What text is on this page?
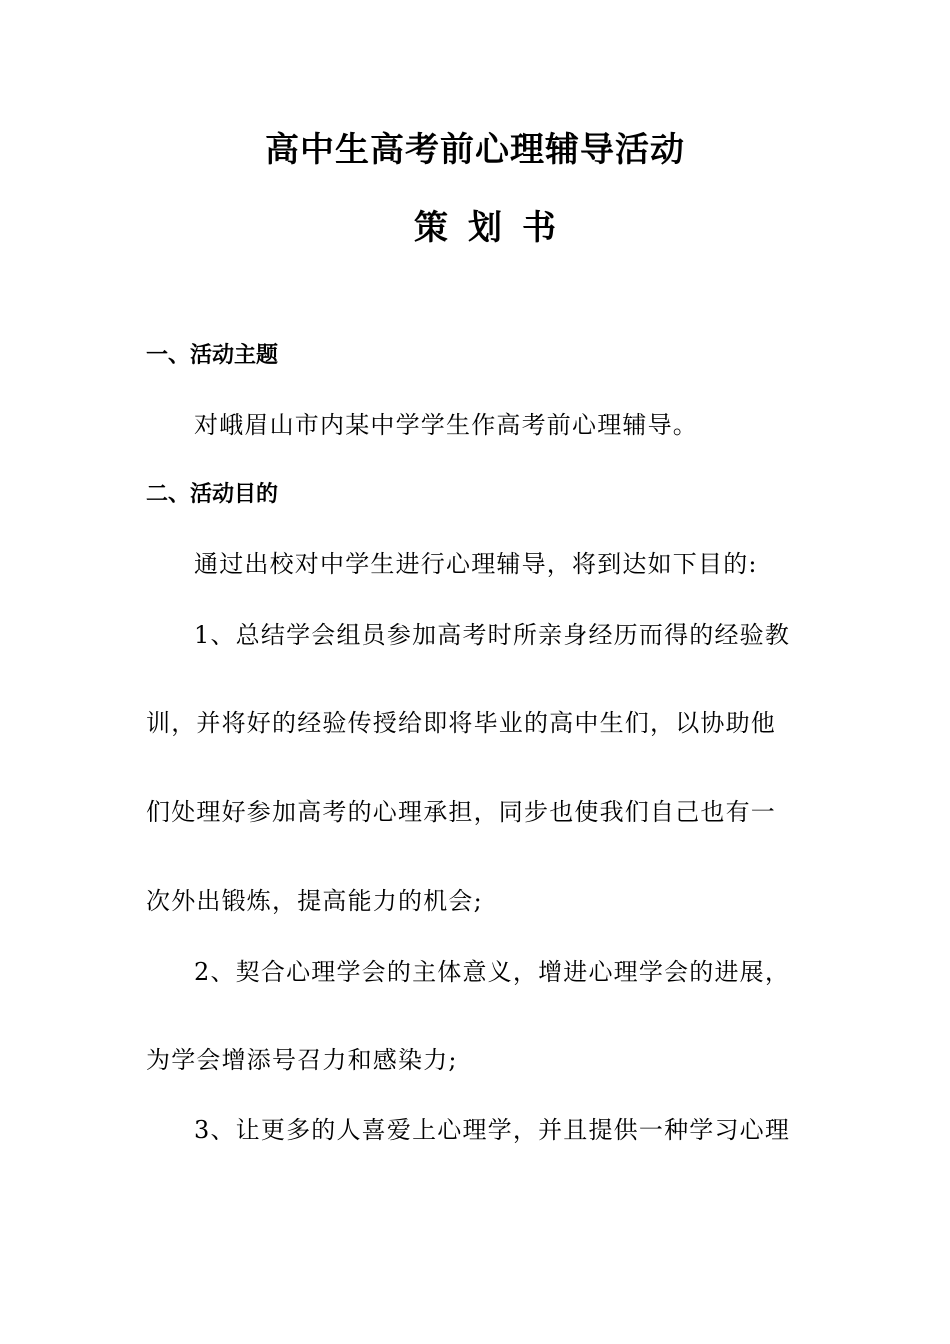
高中生高考前心理辅导活动
策划书
一、活动主题
对峨眉山市内某中学学生作高考前心理辅导。
二、活动目的
通过出校对中学生进行心理辅导，将到达如下目的:
1、总结学会组员参加高考时所亲身经历而得的经验教
训，并将好的经验传授给即将毕业的高中生们，以协助他
们处理好参加高考的心理承担，同步也使我们自己也有一
次外出锻炼，提高能力的机会;
2、契合心理学会的主体意义，增进心理学会的进展，
为学会增添号召力和感染力;
3、让更多的人喜爱上心理学，并且提供一种学习心理
